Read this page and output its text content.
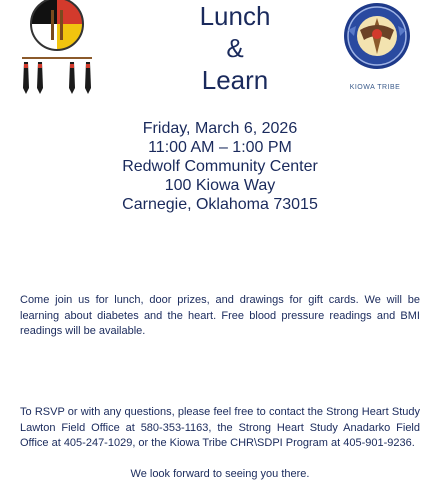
Lunch
&
Learn	KIOWA TRIBE
Friday, March 6, 2026
11:00 AM – 1:00 PM
Redwolf Community Center
100 Kiowa Way
Carnegie, Oklahoma 73015

Come join us for lunch, door prizes, and drawings for gift cards. We will be learning about diabetes and the heart. Free blood pressure readings and BMI readings will be available.

To RSVP or with any questions, please feel free to contact the Strong Heart Study Lawton Field Office at 580-353-1163, the Strong Heart Study Anadarko Field Office at 405-247-1029, or the Kiowa Tribe CHR\SDPI Program at 405-901-9236.

We look forward to seeing you there.
